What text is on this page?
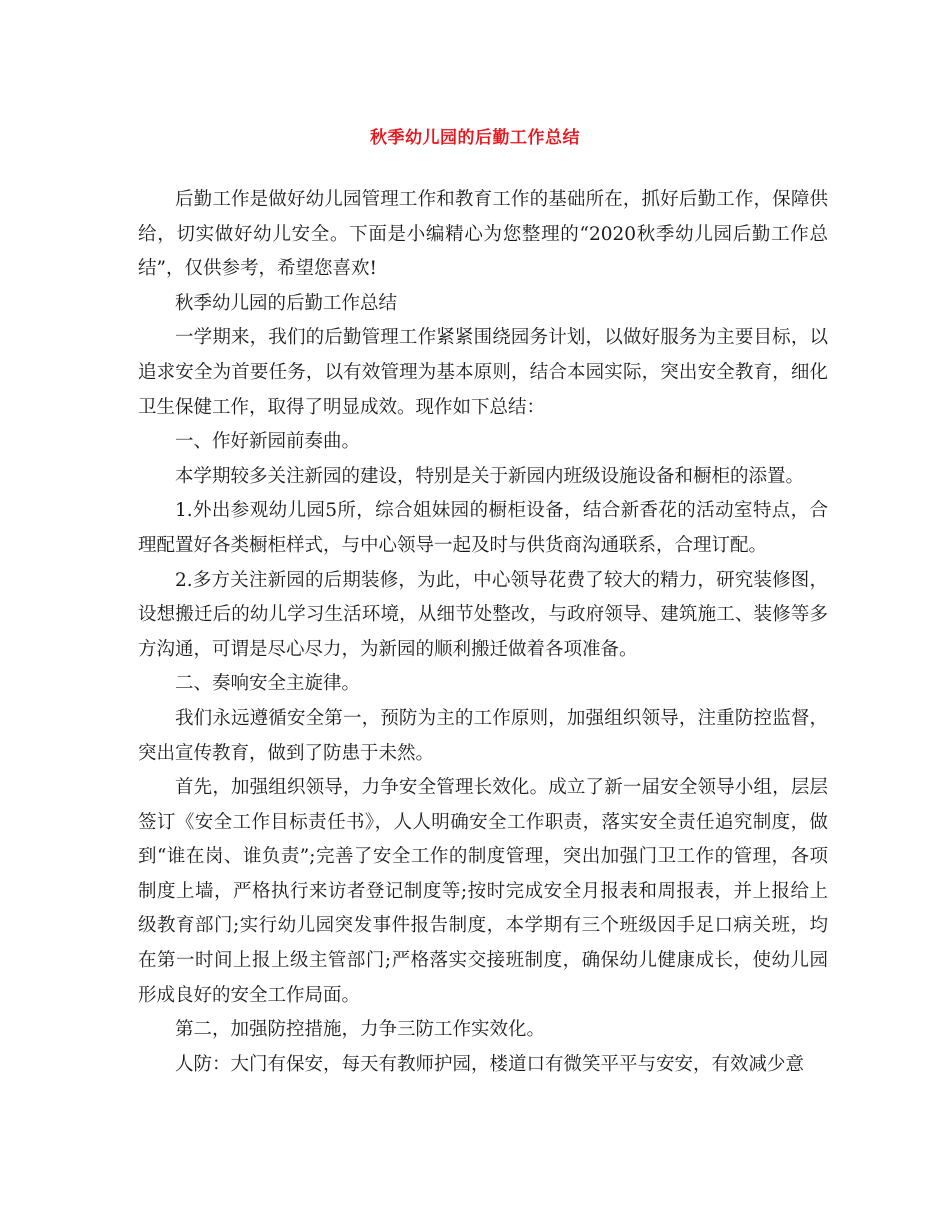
秋季幼儿园的后勤工作总结

后勤工作是做好幼儿园管理工作和教育工作的基础所在，抓好后勤工作，保障供给，切实做好幼儿安全。下面是小编精心为您整理的“2020秋季幼儿园后勤工作总结”，仅供参考，希望您喜欢!

秋季幼儿园的后勤工作总结

一学期来，我们的后勤管理工作紧紧围绕园务计划，以做好服务为主要目标，以追求安全为首要任务，以有效管理为基本原则，结合本园实际，突出安全教育，细化卫生保健工作，取得了明显成效。现作如下总结：

一、作好新园前奏曲。

本学期较多关注新园的建设，特别是关于新园内班级设施设备和橱柜的添置。

1.外出参观幼儿园5所，综合姐妹园的橱柜设备，结合新香花的活动室特点，合理配置好各类橱柜样式，与中心领导一起及时与供货商沟通联系，合理订配。

2.多方关注新园的后期装修，为此，中心领导花费了较大的精力，研究装修图，设想搬迁后的幼儿学习生活环境，从细节处整改，与政府领导、建筑施工、装修等多方沟通，可谓是尽心尽力，为新园的顺利搬迁做着各项准备。

二、奏响安全主旋律。

我们永远遵循安全第一，预防为主的工作原则，加强组织领导，注重防控监督，突出宣传教育，做到了防患于未然。

首先，加强组织领导，力争安全管理长效化。成立了新一届安全领导小组，层层签订《安全工作目标责任书》，人人明确安全工作职责，落实安全责任追究制度，做到“谁在岗、谁负责”;完善了安全工作的制度管理，突出加强门卫工作的管理，各项制度上墙，严格执行来访者登记制度等;按时完成安全月报表和周报表，并上报给上级教育部门;实行幼儿园突发事件报告制度，本学期有三个班级因手足口病关班，均在第一时间上报上级主管部门;严格落实交接班制度，确保幼儿健康成长，使幼儿园形成良好的安全工作局面。

第二，加强防控措施，力争三防工作实效化。

人防：大门有保安，每天有教师护园，楼道口有微笑平平与安安，有效减少意
